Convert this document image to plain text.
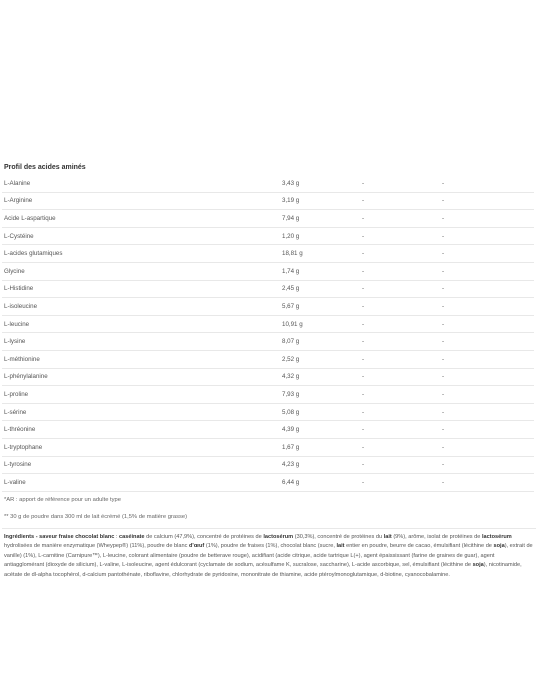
Profil des acides aminés
L-Alanine	3,43 g	-	-
L-Arginine	3,19 g	-	-
Acide L-aspartique	7,94 g	-	-
L-Cystéine	1,20 g	-	-
L-acides glutamiques	18,81 g	-	-
Glycine	1,74 g	-	-
L-Histidine	2,45 g	-	-
L-isoleucine	5,67 g	-	-
L-leucine	10,91 g	-	-
L-lysine	8,07 g	-	-
L-méthionine	2,52 g	-	-
L-phénylalanine	4,32 g	-	-
L-proline	7,93 g	-	-
L-sérine	5,08 g	-	-
L-thréonine	4,39 g	-	-
L-tryptophane	1,67 g	-	-
L-tyrosine	4,23 g	-	-
L-valine	6,44 g	-	-
*AR : apport de référence pour un adulte type
** 30 g de poudre dans 300 ml de lait écrémé (1,5% de matière grasse)
Ingrédients - saveur fraise chocolat blanc : caséinate de calcium (47,9%), concentré de protéines de lactosérum (30,3%), concentré de protéines du lait (9%), arôme, isolat de protéines de lactosérum hydrolisées de manière enzymatique (Wheypep®) (11%), poudre de blanc d'œuf (1%), poudre de fraises (1%), chocolat blanc (sucre, lait entier en poudre, beurre de cacao, émulsifiant (lécithine de soja), extrait de vanille) (1%), L-carnitine (Carnipure™), L-leucine, colorant alimentaire (poudre de betterave rouge), acidifiant (acide citrique, acide tartrique L(+), agent épaississant (farine de graines de guar), agent antiagglomérant (dioxyde de silicium), L-valine, L-isoleucine, agent édulcorant (cyclamate de sodium, acésulfame K, sucralose, saccharine), L-acide ascorbique, sel, émulsifiant (lécithine de soja), nicotinamide, acétate de dl-alpha tocophérol, d-calcium pantothénate, riboflavine, chlorhydrate de pyridoxine, mononitrate de thiamine, acide ptéroylmonoglutamique, d-biotine, cyanocobalamine.
